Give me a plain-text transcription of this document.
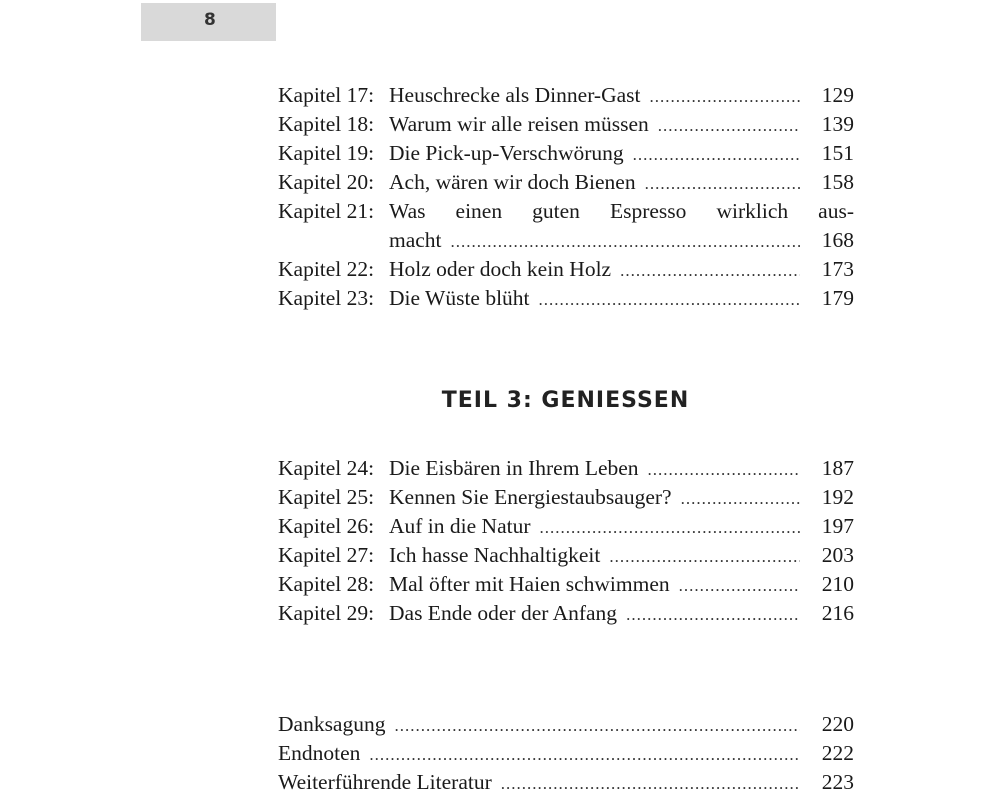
8
Kapitel 17: Heuschrecke als Dinner-Gast .....	129
Kapitel 18: Warum wir alle reisen müssen .....	139
Kapitel 19: Die Pick-up-Verschwörung .....	151
Kapitel 20: Ach, wären wir doch Bienen .....	158
Kapitel 21: Was einen guten Espresso wirklich aus-
macht .....	168
Kapitel 22: Holz oder doch kein Holz .....	173
Kapitel 23: Die Wüste blüht .....	179
TEIL 3: GENIESSEN
Kapitel 24: Die Eisbären in Ihrem Leben .....	187
Kapitel 25: Kennen Sie Energiestaubsauger? .....	192
Kapitel 26: Auf in die Natur .....	197
Kapitel 27: Ich hasse Nachhaltigkeit .....	203
Kapitel 28: Mal öfter mit Haien schwimmen .....	210
Kapitel 29: Das Ende oder der Anfang .....	216
Danksagung .....	220
Endnoten .....	222
Weiterführende Literatur .....	223
